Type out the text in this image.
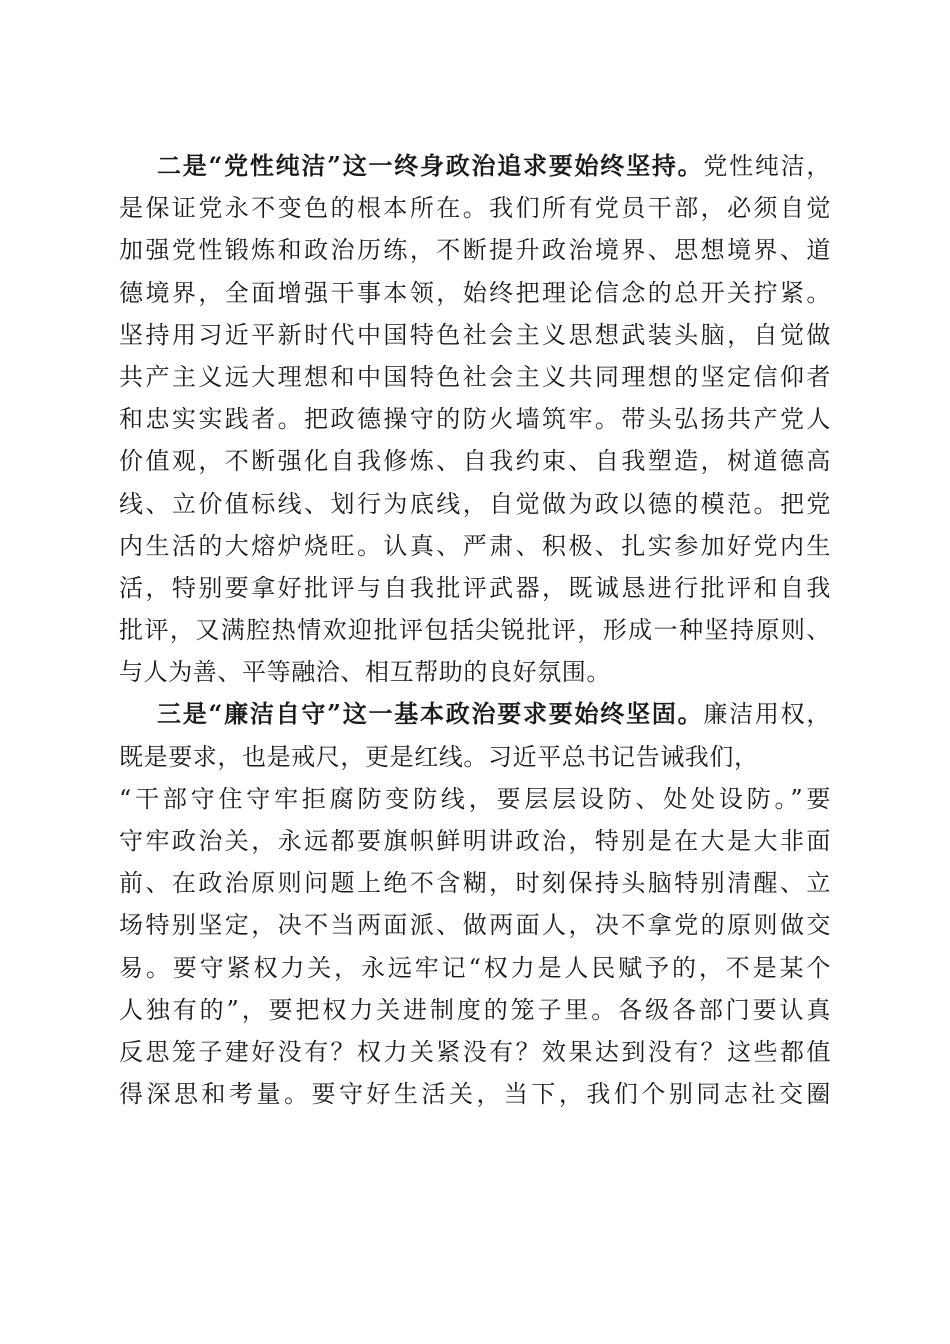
二是“党性纯洁”这一终身政治追求要始终坚持。党性纯洁，
是保证党永不变色的根本所在。我们所有党员干部，必须自觉
加强党性锻炼和政治历练，不断提升政治境界、思想境界、道
德境界，全面增强干事本领，始终把理论信念的总开关拧紧。
坚持用习近平新时代中国特色社会主义思想武装头脑，自觉做
共产主义远大理想和中国特色社会主义共同理想的坚定信仰者
和忠实实践者。把政德操守的防火墙筑牢。带头弘扬共产党人
价值观，不断强化自我修炼、自我约束、自我塑造，树道德高
线、立价值标线、划行为底线，自觉做为政以德的模范。把党
内生活的大熔炉烧旺。认真、严肃、积极、扎实参加好党内生
活，特别要拿好批评与自我批评武器，既诚恳进行批评和自我
批评，又满腔热情欢迎批评包括尖锐批评，形成一种坚持原则、
与人为善、平等融洽、相互帮助的良好氛围。
三是“廉洁自守”这一基本政治要求要始终坚固。廉洁用权，
既是要求，也是戒尺，更是红线。习近平总书记告诫我们，
“干部守住守牢拒腐防变防线，要层层设防、处处设防。”要
守牢政治关，永远都要旗帜鲜明讲政治，特别是在大是大非面
前、在政治原则问题上绝不含糊，时刻保持头脑特别清醒、立
场特别坚定，决不当两面派、做两面人，决不拿党的原则做交
易。要守紧权力关，永远牢记“权力是人民赋予的，不是某个
人独有的”，要把权力关进制度的笼子里。各级各部门要认真
反思笼子建好没有？权力关紧没有？效果达到没有？这些都值
得深思和考量。要守好生活关，当下，我们个别同志社交圈
